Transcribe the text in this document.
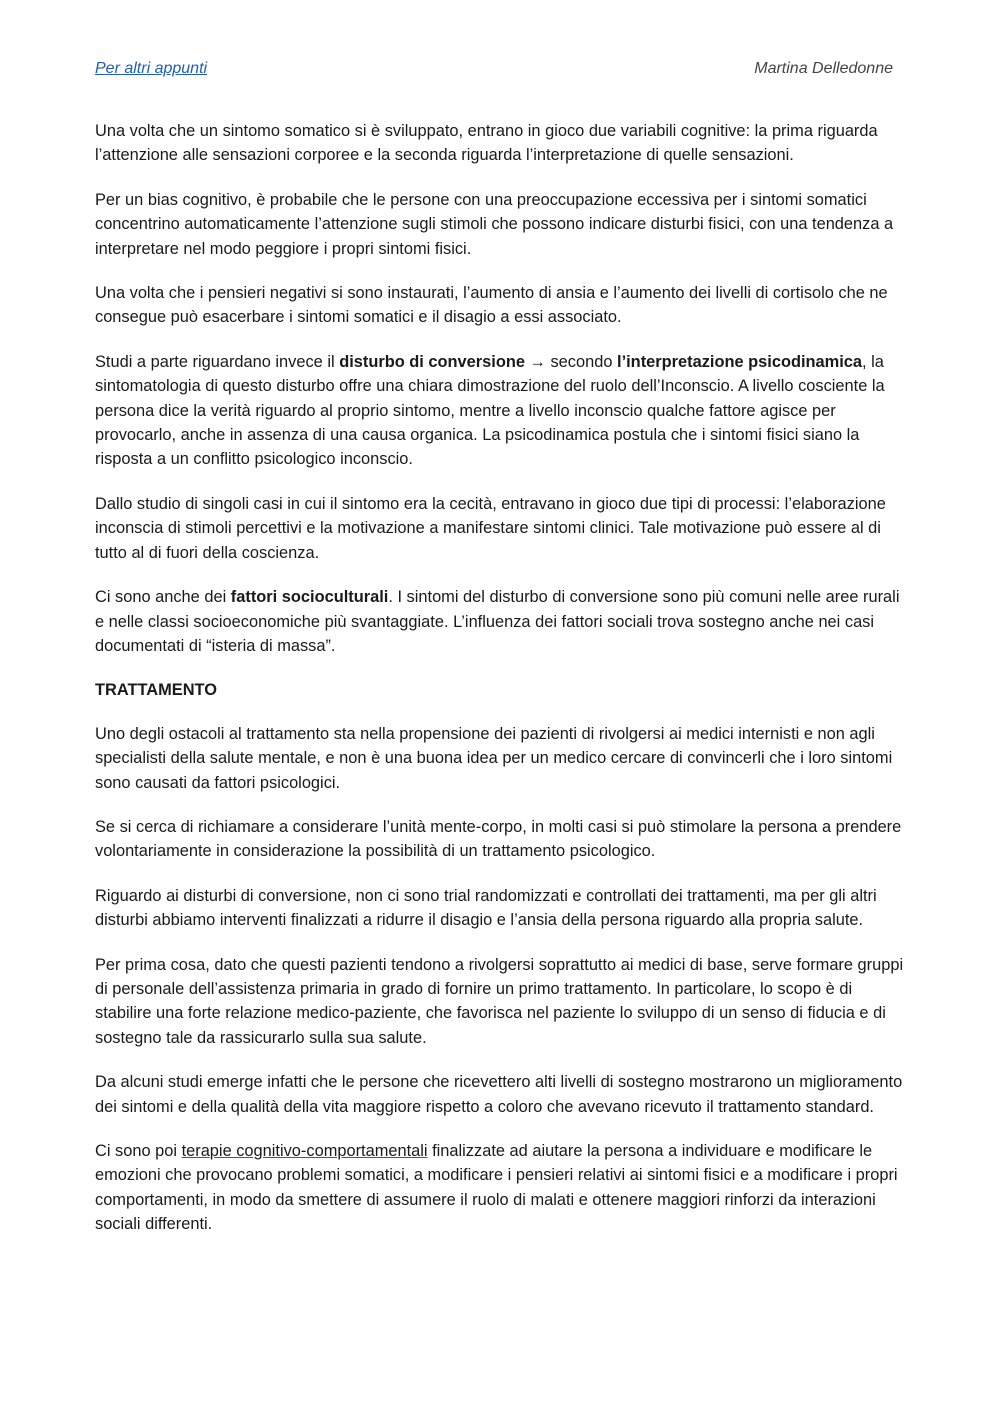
Per altri appunti	Martina Delledonne

Una volta che un sintomo somatico si è sviluppato, entrano in gioco due variabili cognitive: la prima riguarda l’attenzione alle sensazioni corporee e la seconda riguarda l’interpretazione di quelle sensazioni.

Per un bias cognitivo, è probabile che le persone con una preoccupazione eccessiva per i sintomi somatici concentrino automaticamente l’attenzione sugli stimoli che possono indicare disturbi fisici, con una tendenza a interpretare nel modo peggiore i propri sintomi fisici.

Una volta che i pensieri negativi si sono instaurati, l’aumento di ansia e l’aumento dei livelli di cortisolo che ne consegue può esacerbare i sintomi somatici e il disagio a essi associato.

Studi a parte riguardano invece il disturbo di conversione → secondo l’interpretazione psicodinamica, la sintomatologia di questo disturbo offre una chiara dimostrazione del ruolo dell’Inconscio. A livello cosciente la persona dice la verità riguardo al proprio sintomo, mentre a livello inconscio qualche fattore agisce per provocarlo, anche in assenza di una causa organica. La psicodinamica postula che i sintomi fisici siano la risposta a un conflitto psicologico inconscio.

Dallo studio di singoli casi in cui il sintomo era la cecità, entravano in gioco due tipi di processi: l’elaborazione inconscia di stimoli percettivi e la motivazione a manifestare sintomi clinici. Tale motivazione può essere al di tutto al di fuori della coscienza.

Ci sono anche dei fattori socioculturali. I sintomi del disturbo di conversione sono più comuni nelle aree rurali e nelle classi socioeconomiche più svantaggiate. L’influenza dei fattori sociali trova sostegno anche nei casi documentati di “isteria di massa”.

TRATTAMENTO

Uno degli ostacoli al trattamento sta nella propensione dei pazienti di rivolgersi ai medici internisti e non agli specialisti della salute mentale, e non è una buona idea per un medico cercare di convincerli che i loro sintomi sono causati da fattori psicologici.

Se si cerca di richiamare a considerare l’unità mente-corpo, in molti casi si può stimolare la persona a prendere volontariamente in considerazione la possibilità di un trattamento psicologico.

Riguardo ai disturbi di conversione, non ci sono trial randomizzati e controllati dei trattamenti, ma per gli altri disturbi abbiamo interventi finalizzati a ridurre il disagio e l’ansia della persona riguardo alla propria salute.

Per prima cosa, dato che questi pazienti tendono a rivolgersi soprattutto ai medici di base, serve formare gruppi di personale dell’assistenza primaria in grado di fornire un primo trattamento. In particolare, lo scopo è di stabilire una forte relazione medico-paziente, che favorisca nel paziente lo sviluppo di un senso di fiducia e di sostegno tale da rassicurarlo sulla sua salute.

Da alcuni studi emerge infatti che le persone che ricevettero alti livelli di sostegno mostrarono un miglioramento dei sintomi e della qualità della vita maggiore rispetto a coloro che avevano ricevuto il trattamento standard.

Ci sono poi terapie cognitivo-comportamentali finalizzate ad aiutare la persona a individuare e modificare le emozioni che provocano problemi somatici, a modificare i pensieri relativi ai sintomi fisici e a modificare i propri comportamenti, in modo da smettere di assumere il ruolo di malati e ottenere maggiori rinforzi da interazioni sociali differenti.
